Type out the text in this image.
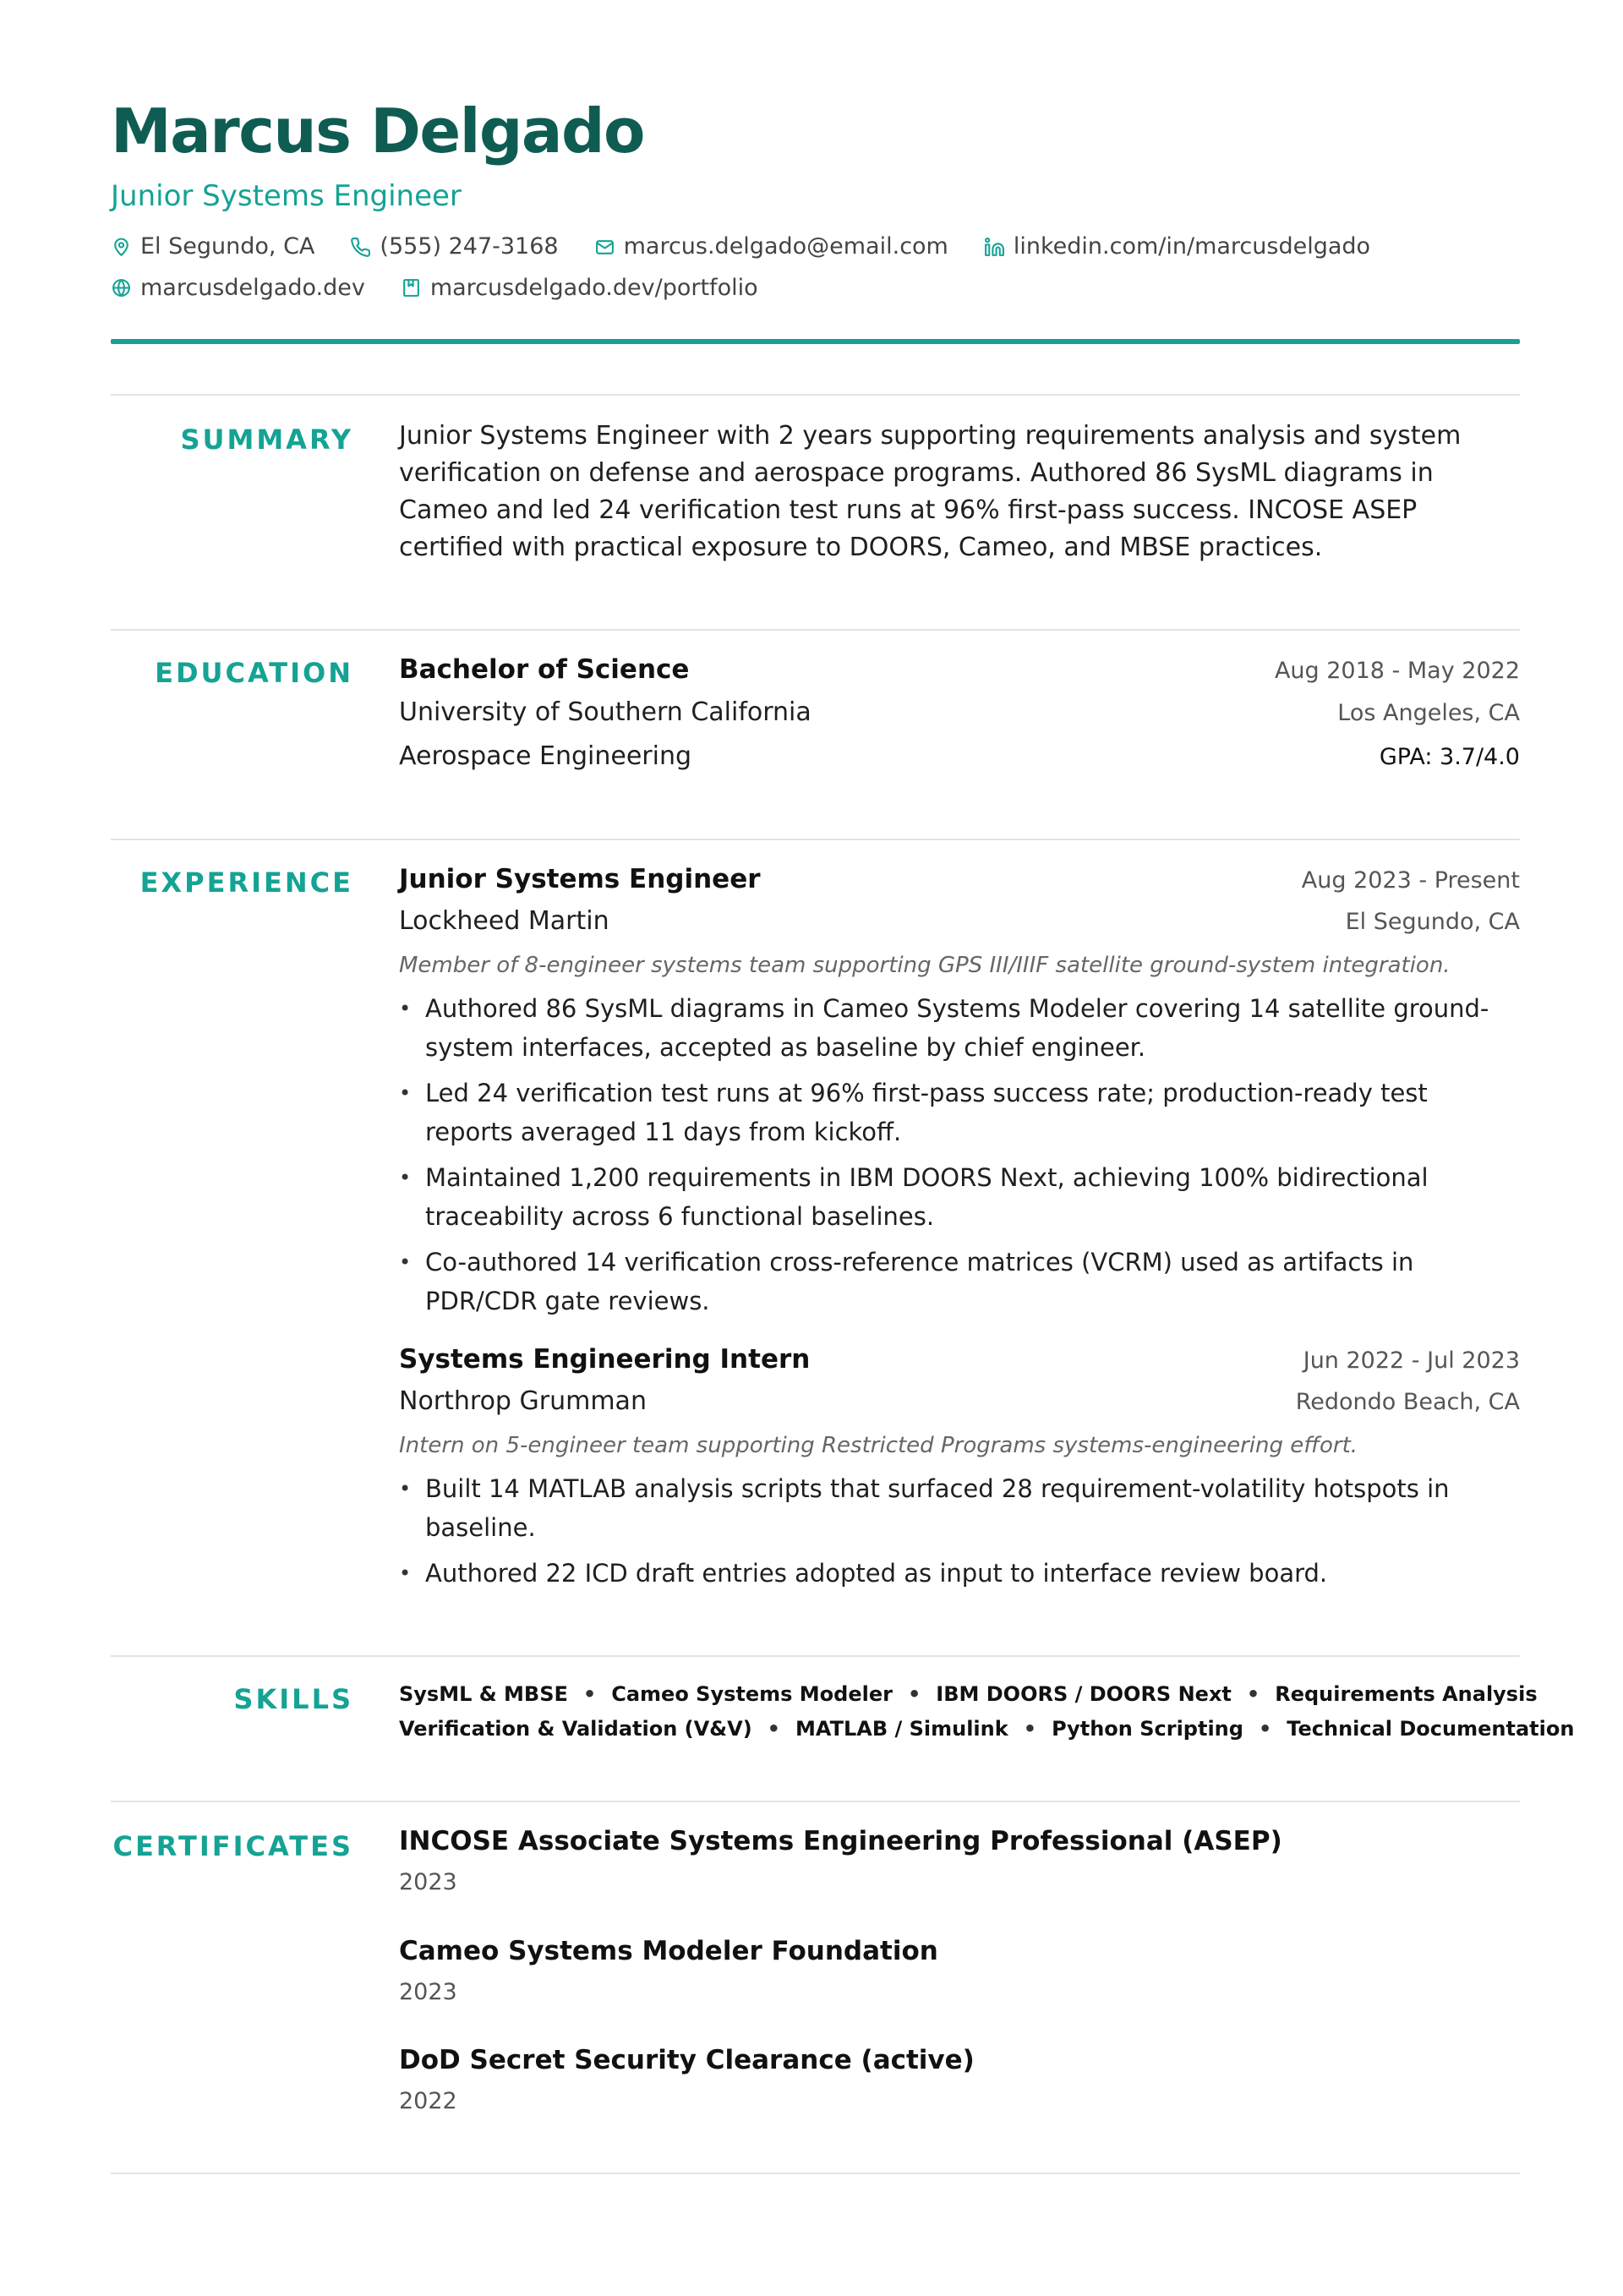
Marcus Delgado
Junior Systems Engineer
El Segundo, CA	(555) 247-3168	marcus.delgado@email.com	linkedin.com/in/marcusdelgado
marcusdelgado.dev	marcusdelgado.dev/portfolio
SUMMARY Junior Systems Engineer with 2 years supporting requirements analysis and system verification on defense and aerospace programs. Authored 86 SysML diagrams in Cameo and led 24 verification test runs at 96% first-pass success. INCOSE ASEP certified with practical exposure to DOORS, Cameo, and MBSE practices.

EDUCATION Bachelor of Science	Aug 2018 - May 2022
University of Southern California	Los Angeles, CA
Aerospace Engineering	GPA: 3.7/4.0
EXPERIENCE Junior Systems Engineer	Aug 2023 - Present
Lockheed Martin	El Segundo, CA
Member of 8-engineer systems team supporting GPS III/IIIF satellite ground-system integration.
• Authored 86 SysML diagrams in Cameo Systems Modeler covering 14 satellite ground-system interfaces, accepted as baseline by chief engineer.
• Led 24 verification test runs at 96% first-pass success rate; production-ready test reports averaged 11 days from kickoff.
• Maintained 1,200 requirements in IBM DOORS Next, achieving 100% bidirectional traceability across 6 functional baselines.
• Co-authored 14 verification cross-reference matrices (VCRM) used as artifacts in PDR/CDR gate reviews.
Systems Engineering Intern	Jun 2022 - Jul 2023
Northrop Grumman	Redondo Beach, CA
Intern on 5-engineer team supporting Restricted Programs systems-engineering effort.
• Built 14 MATLAB analysis scripts that surfaced 28 requirement-volatility hotspots in baseline.
• Authored 22 ICD draft entries adopted as input to interface review board.
SKILLS SysML & MBSE • Cameo Systems Modeler • IBM DOORS / DOORS Next • Requirements Analysis
Verification & Validation (V&V) • MATLAB / Simulink • Python Scripting • Technical Documentation
CERTIFICATES INCOSE Associate Systems Engineering Professional (ASEP)
2023
Cameo Systems Modeler Foundation
2023
DoD Secret Security Clearance (active)
2022
